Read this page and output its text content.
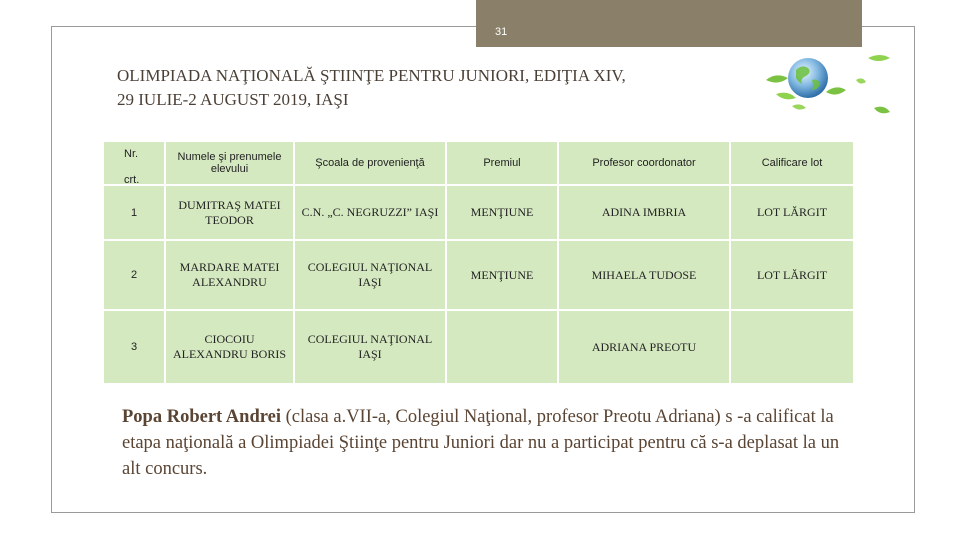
31
OLIMPIADA NAŢIONALĂ ŞTIINŢE PENTRU JUNIORI, EDIŢIA XIV,
29 IULIE-2 AUGUST 2019, IAŞI
Nr.
crt.	Numele şi prenumele elevului	Şcoala de provenienţă	Premiul	Profesor coordonator	Calificare lot
1	DUMITRAŞ MATEI TEODOR	C.N. „C. NEGRUZZI” IAŞI	MENŢIUNE	ADINA IMBRIA	LOT LĂRGIT
2	MARDARE MATEI ALEXANDRU	COLEGIUL NAŢIONAL IAŞI	MENŢIUNE	MIHAELA TUDOSE	LOT LĂRGIT
3	CIOCOIU ALEXANDRU BORIS	COLEGIUL NAŢIONAL IAŞI		ADRIANA PREOTU	
Popa Robert Andrei (clasa a.VII-a, Colegiul Naţional, profesor Preotu Adriana) s -a calificat la etapa naţională a Olimpiadei Ştiinţe pentru Juniori dar nu a participat pentru că s-a deplasat la un alt concurs.
